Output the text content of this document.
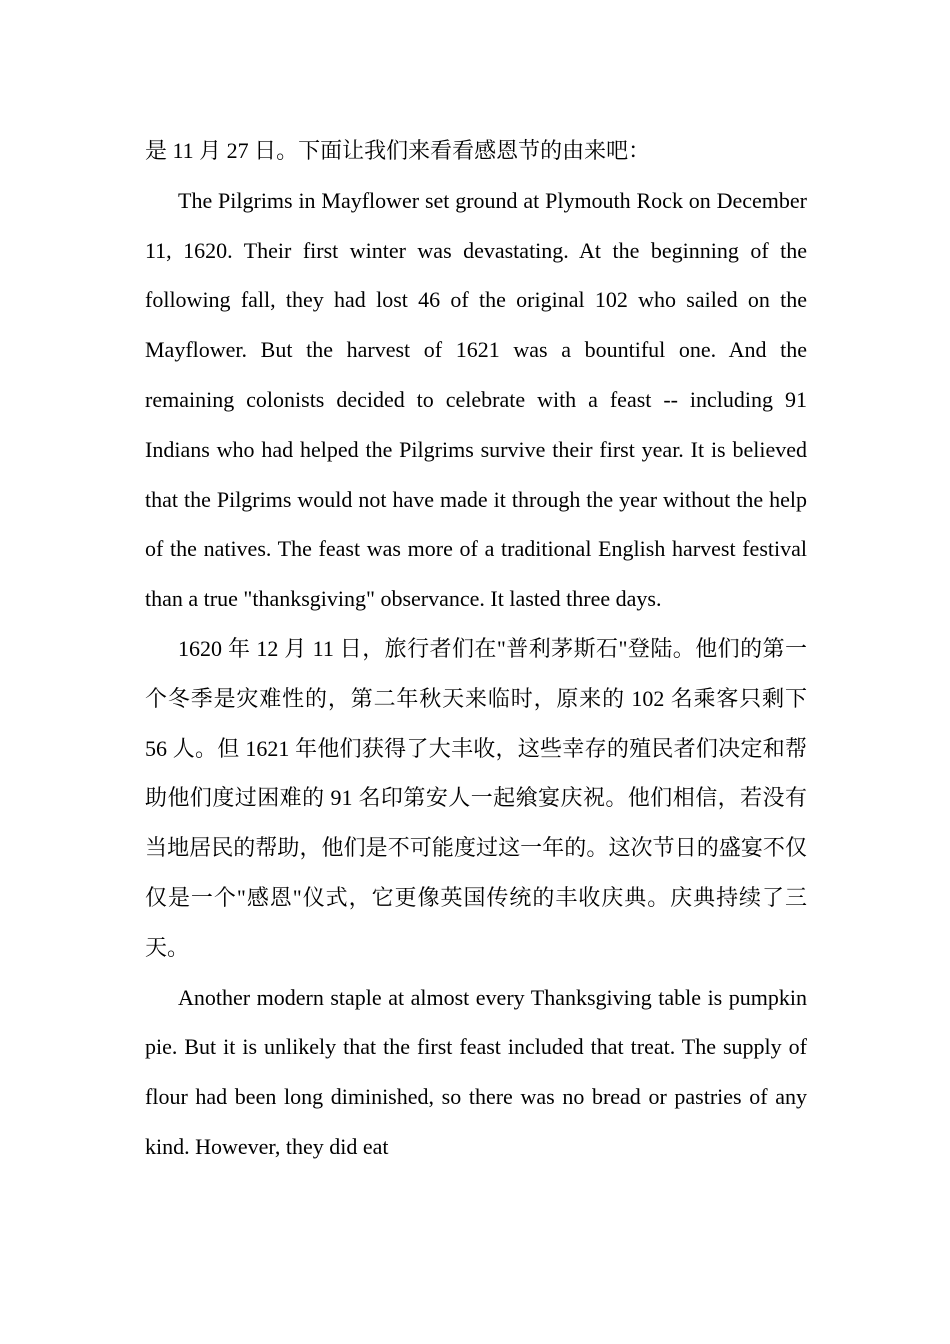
是 11 月 27 日。下面让我们来看看感恩节的由来吧：

The Pilgrims in Mayflower set ground at Plymouth Rock on December 11, 1620. Their first winter was devastating. At the beginning of the following fall, they had lost 46 of the original 102 who sailed on the Mayflower. But the harvest of 1621 was a bountiful one. And the remaining colonists decided to celebrate with a feast -- including 91 Indians who had helped the Pilgrims survive their first year. It is believed that the Pilgrims would not have made it through the year without the help of the natives. The feast was more of a traditional English harvest festival than a true "thanksgiving" observance. It lasted three days.

1620 年 12 月 11 日，旅行者们在"普利茅斯石"登陆。他们的第一个冬季是灾难性的，第二年秋天来临时，原来的 102 名乘客只剩下 56 人。但 1621 年他们获得了大丰收，这些幸存的殖民者们决定和帮助他们度过困难的 91 名印第安人一起飨宴庆祝。他们相信，若没有当地居民的帮助，他们是不可能度过这一年的。这次节日的盛宴不仅仅是一个"感恩"仪式，它更像英国传统的丰收庆典。庆典持续了三天。

Another modern staple at almost every Thanksgiving table is pumpkin pie. But it is unlikely that the first feast included that treat. The supply of flour had been long diminished, so there was no bread or pastries of any kind. However, they did eat
